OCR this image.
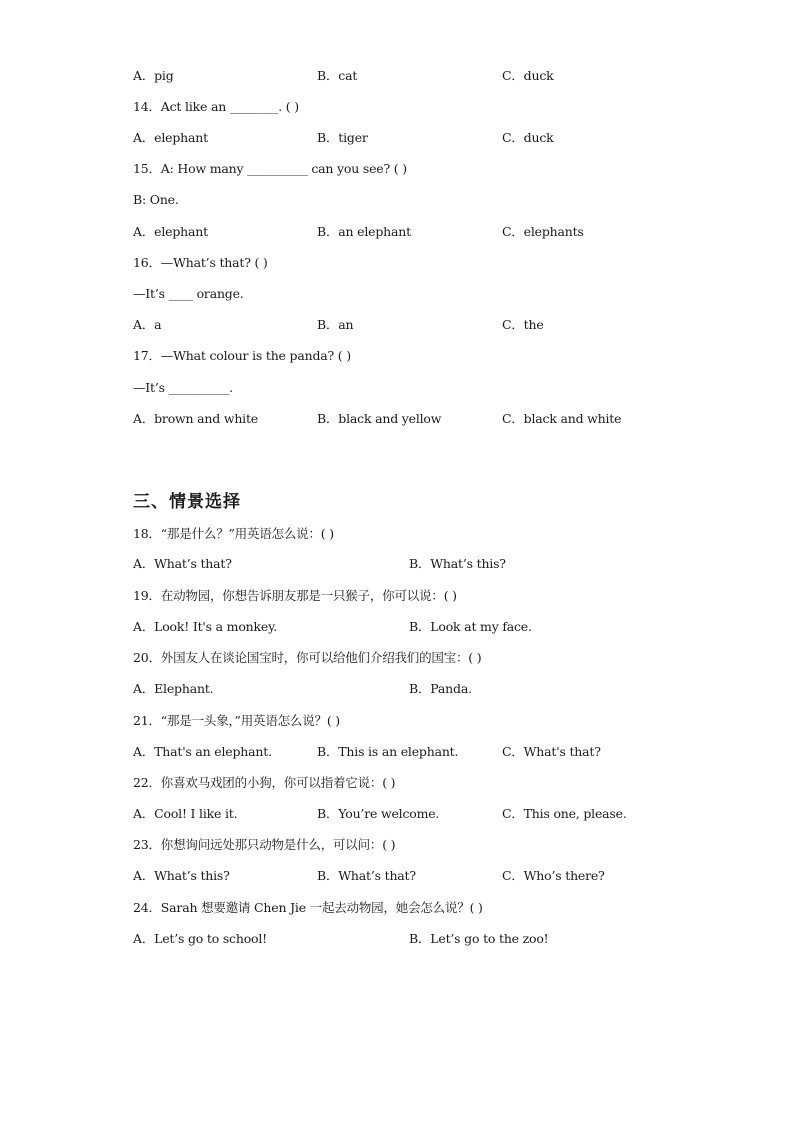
A．pig	B．cat	C．duck
14．Act like an ________. ( )
A．elephant	B．tiger	C．duck
15．A: How many __________ can you see? ( )
B: One.
A．elephant	B．an elephant	C．elephants
16．—What’s that? ( )
—It’s ____ orange.
A．a	B．an	C．the
17．—What colour is the panda? ( )
—It’s __________.
A．brown and white	B．black and yellow	C．black and white
三、情景选择
18．“那是什么？”用英语怎么说：( )
A．What’s that?	B．What’s this?
19．在动物园，你想告诉朋友那是一只猴子，你可以说：( )
A．Look! It's a monkey.	B．Look at my face.
20．外国友人在谈论国宝时，你可以给他们介绍我们的国宝：( )
A．Elephant.	B．Panda.
21．“那是一头象，”用英语怎么说？( )
A．That's an elephant.	B．This is an elephant.	C．What's that?
22．你喜欢马戏团的小狗，你可以指着它说：( )
A．Cool! I like it.	B．You’re welcome.	C．This one, please.
23．你想询问远处那只动物是什么，可以问：( )
A．What’s this?	B．What’s that?	C．Who’s there?
24．Sarah 想要邀请 Chen Jie 一起去动物园，她会怎么说？( )
A．Let’s go to school!	B．Let’s go to the zoo!
